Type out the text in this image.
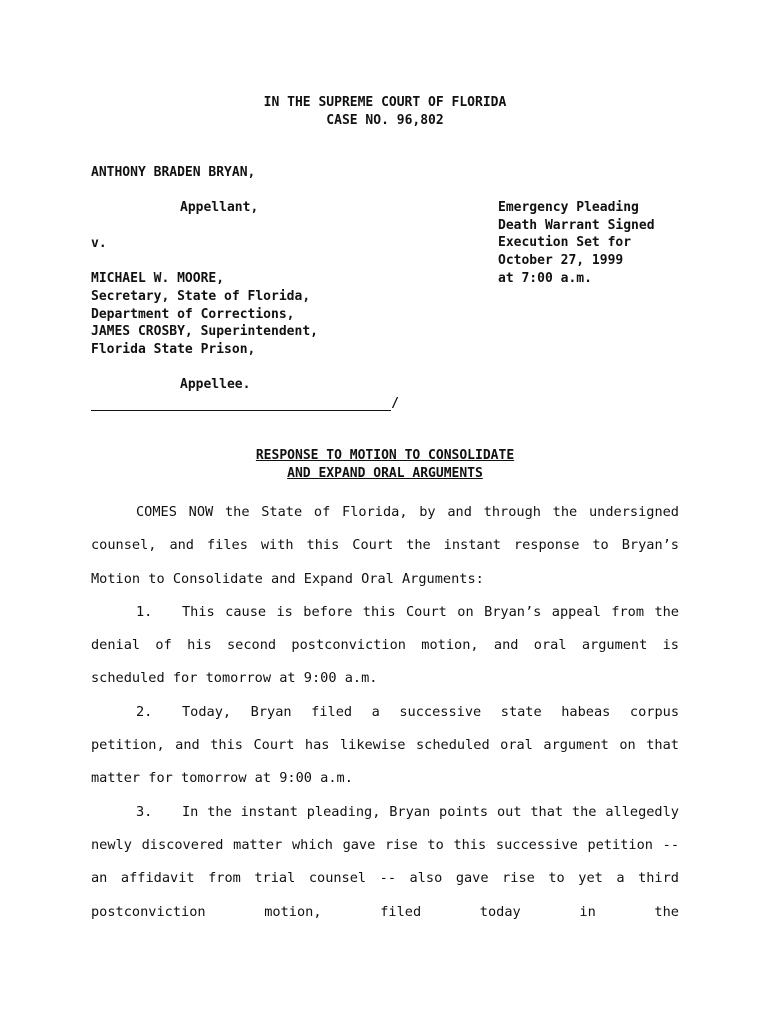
IN THE SUPREME COURT OF FLORIDA
CASE NO. 96,802
ANTHONY BRADEN BRYAN,
Appellant,
v.
MICHAEL W. MOORE,
Secretary, State of Florida,
Department of Corrections,
JAMES CROSBY, Superintendent,
Florida State Prison,
Appellee.
/
Emergency Pleading
Death Warrant Signed
Execution Set for
October 27, 1999
at 7:00 a.m.
RESPONSE TO MOTION TO CONSOLIDATE
AND EXPAND ORAL ARGUMENTS

COMES NOW the State of Florida, by and through the undersigned counsel, and files with this Court the instant response to Bryan’s Motion to Consolidate and Expand Oral Arguments:

1. This cause is before this Court on Bryan’s appeal from the denial of his second postconviction motion, and oral argument is scheduled for tomorrow at 9:00 a.m.

2. Today, Bryan filed a successive state habeas corpus petition, and this Court has likewise scheduled oral argument on that matter for tomorrow at 9:00 a.m.

3. In the instant pleading, Bryan points out that the allegedly newly discovered matter which gave rise to this successive petition -- an affidavit from trial counsel -- also gave rise to yet a third postconviction motion, filed today in the
